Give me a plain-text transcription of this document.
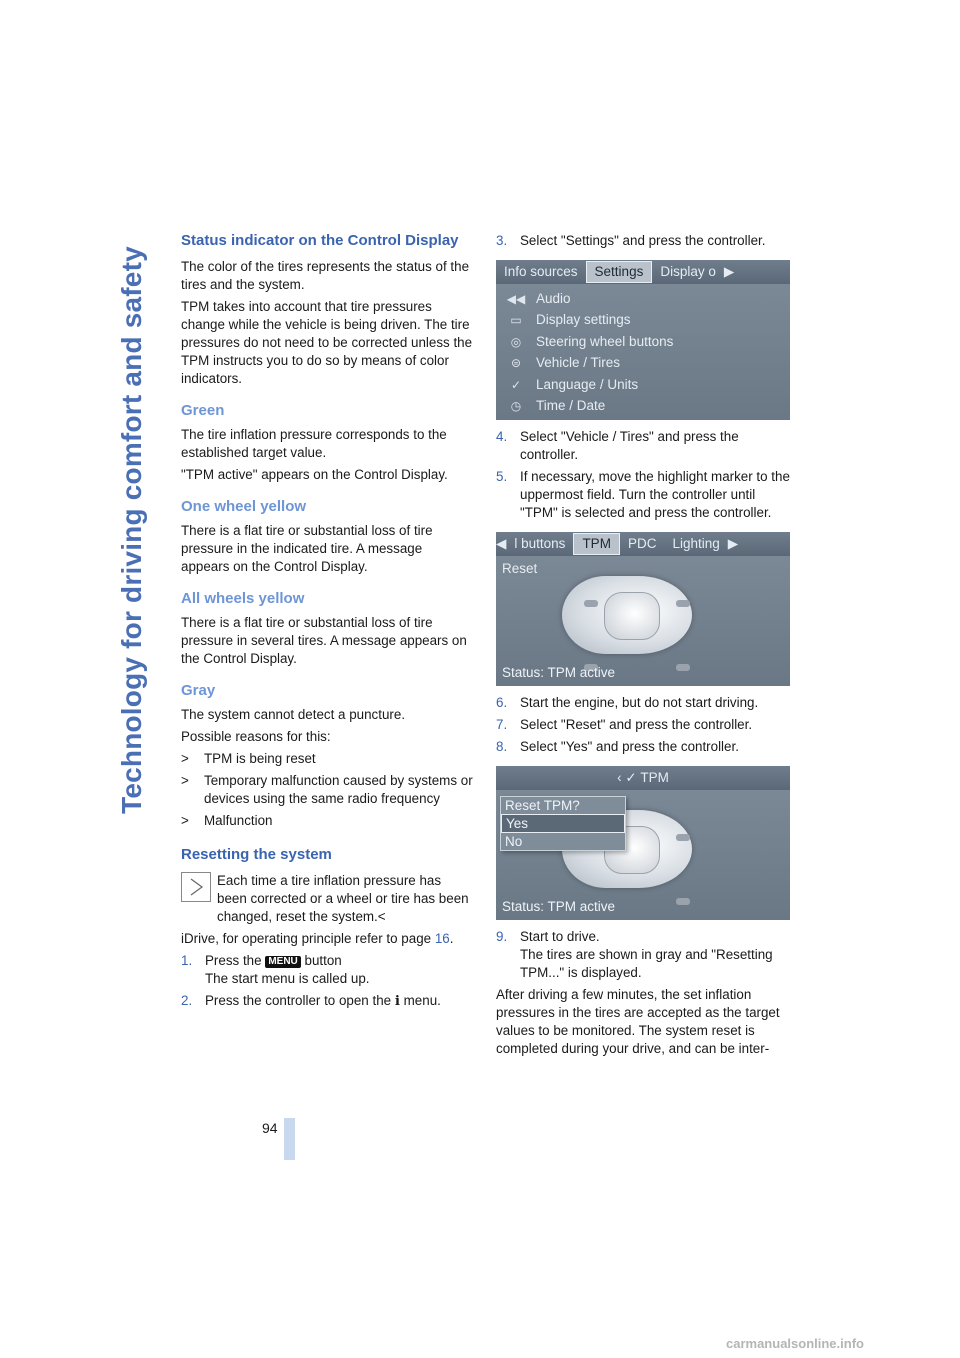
Technology for driving comfort and safety
94
Status indicator on the Control Display

The color of the tires represents the status of the tires and the system.

TPM takes into account that tire pressures change while the vehicle is being driven. The tire pressures do not need to be corrected unless the TPM instructs you to do so by means of color indicators.

Green

The tire inflation pressure corresponds to the established target value.

"TPM active" appears on the Control Display.

One wheel yellow

There is a flat tire or substantial loss of tire pressure in the indicated tire. A message appears on the Control Display.

All wheels yellow

There is a flat tire or substantial loss of tire pressure in several tires. A message appears on the Control Display.

Gray

The system cannot detect a puncture.

Possible reasons for this:

>	TPM is being reset
>	Temporary malfunction caused by systems or devices using the same radio frequency
>	Malfunction
Resetting the system

Each time a tire inflation pressure has been corrected or a wheel or tire has been changed, reset the system.<

iDrive, for operating principle refer to page 16.

1. Press the MENU button
The start menu is called up.
2. Press the controller to open the i menu.
3. Select "Settings" and press the controller.
Info sources	Settings	Display o ▶
◀◀ Audio
▭	Display settings
◎	Steering wheel buttons
⊜	Vehicle / Tires
✓	Language / Units
◷	Time / Date
4. Select "Vehicle / Tires" and press the controller.
5. If necessary, move the highlight marker to the uppermost field. Turn the controller until "TPM" is selected and press the controller.
◀ l buttons	TPM	PDC	Lighting ▶
Reset
Status: TPM active
6. Start the engine, but do not start driving.
7. Select "Reset" and press the controller.
8. Select "Yes" and press the controller.
‹ ✓
TPM
Reset TPM?
Yes
No
Status: TPM active
9. Start to drive.
The tires are shown in gray and "Resetting TPM..." is displayed.

After driving a few minutes, the set inflation pressures in the tires are accepted as the target values to be monitored. The system reset is completed during your drive, and can be inter-

carmanualsonline.info
